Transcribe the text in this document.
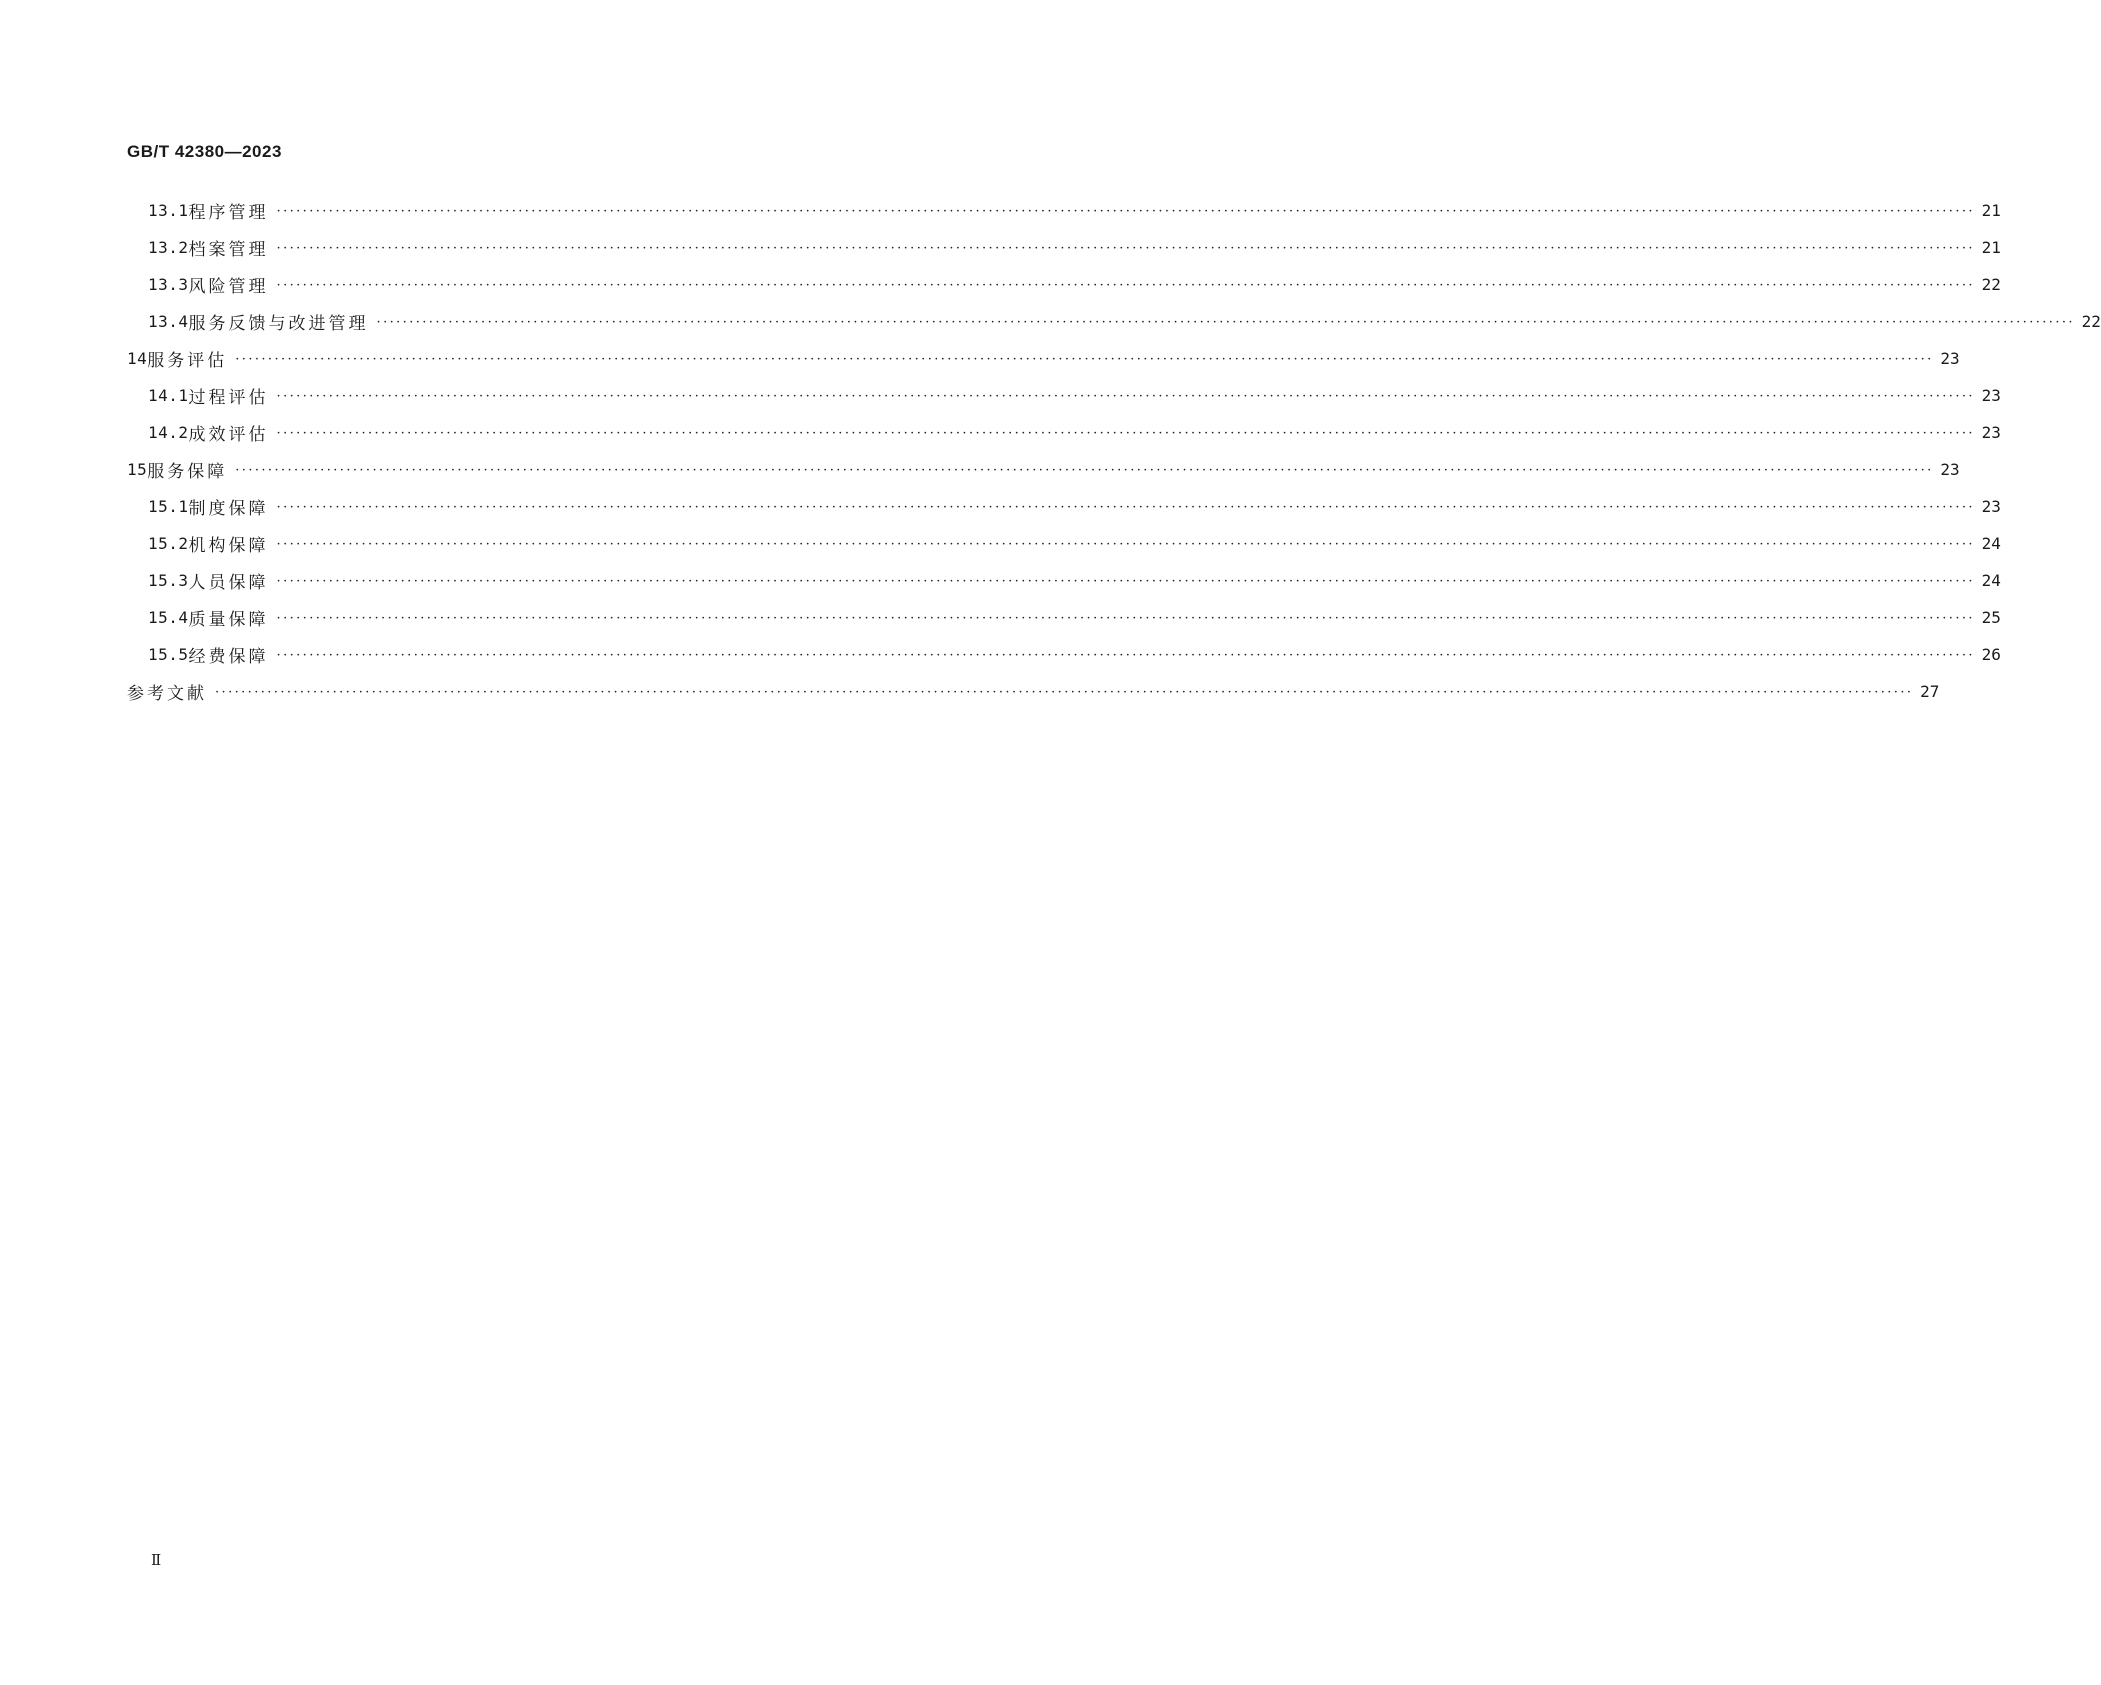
GB/T 42380—2023
13.1 程序管理 ···································································································································································································································································· 21
13.2 档案管理 ···································································································································································································································································· 21
13.3 风险管理 ···································································································································································································································································· 22
13.4 服务反馈与改进管理 ···································································································································································································································································· 22
14 服务评估 ···································································································································································································································································· 23
14.1 过程评估 ···································································································································································································································································· 23
14.2 成效评估 ···································································································································································································································································· 23
15 服务保障 ···································································································································································································································································· 23
15.1 制度保障 ···································································································································································································································································· 23
15.2 机构保障 ···································································································································································································································································· 24
15.3 人员保障 ···································································································································································································································································· 24
15.4 质量保障 ···································································································································································································································································· 25
15.5 经费保障 ···································································································································································································································································· 26
参考文献 ···································································································································································································································································· 27
Ⅱ
